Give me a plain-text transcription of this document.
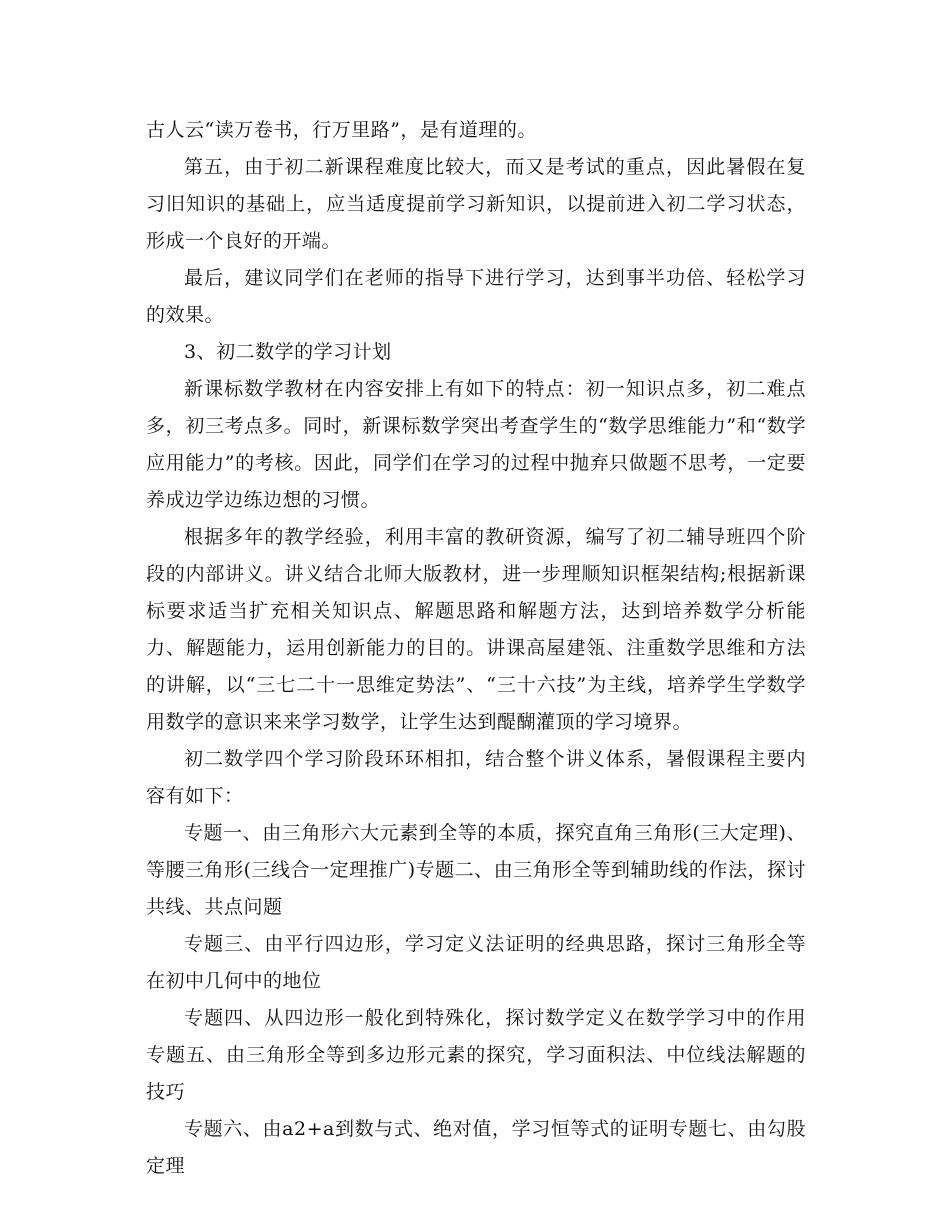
古人云“读万卷书，行万里路”，是有道理的。

第五，由于初二新课程难度比较大，而又是考试的重点，因此暑假在复习旧知识的基础上，应当适度提前学习新知识，以提前进入初二学习状态，形成一个良好的开端。

最后，建议同学们在老师的指导下进行学习，达到事半功倍、轻松学习的效果。

3、初二数学的学习计划

新课标数学教材在内容安排上有如下的特点：初一知识点多，初二难点多，初三考点多。同时，新课标数学突出考查学生的“数学思维能力”和“数学应用能力”的考核。因此，同学们在学习的过程中抛弃只做题不思考，一定要养成边学边练边想的习惯。

根据多年的教学经验，利用丰富的教研资源，编写了初二辅导班四个阶段的内部讲义。讲义结合北师大版教材，进一步理顺知识框架结构;根据新课标要求适当扩充相关知识点、解题思路和解题方法，达到培养数学分析能力、解题能力，运用创新能力的目的。讲课高屋建瓴、注重数学思维和方法的讲解，以“三七二十一思维定势法”、“三十六技”为主线，培养学生学数学用数学的意识来来学习数学，让学生达到醍醐灌顶的学习境界。

初二数学四个学习阶段环环相扣，结合整个讲义体系，暑假课程主要内容有如下：

专题一、由三角形六大元素到全等的本质，探究直角三角形(三大定理)、等腰三角形(三线合一定理推广)专题二、由三角形全等到辅助线的作法，探讨共线、共点问题

专题三、由平行四边形，学习定义法证明的经典思路，探讨三角形全等在初中几何中的地位

专题四、从四边形一般化到特殊化，探讨数学定义在数学学习中的作用专题五、由三角形全等到多边形元素的探究，学习面积法、中位线法解题的技巧

专题六、由a2+a到数与式、绝对值，学习恒等式的证明专题七、由勾股定理
